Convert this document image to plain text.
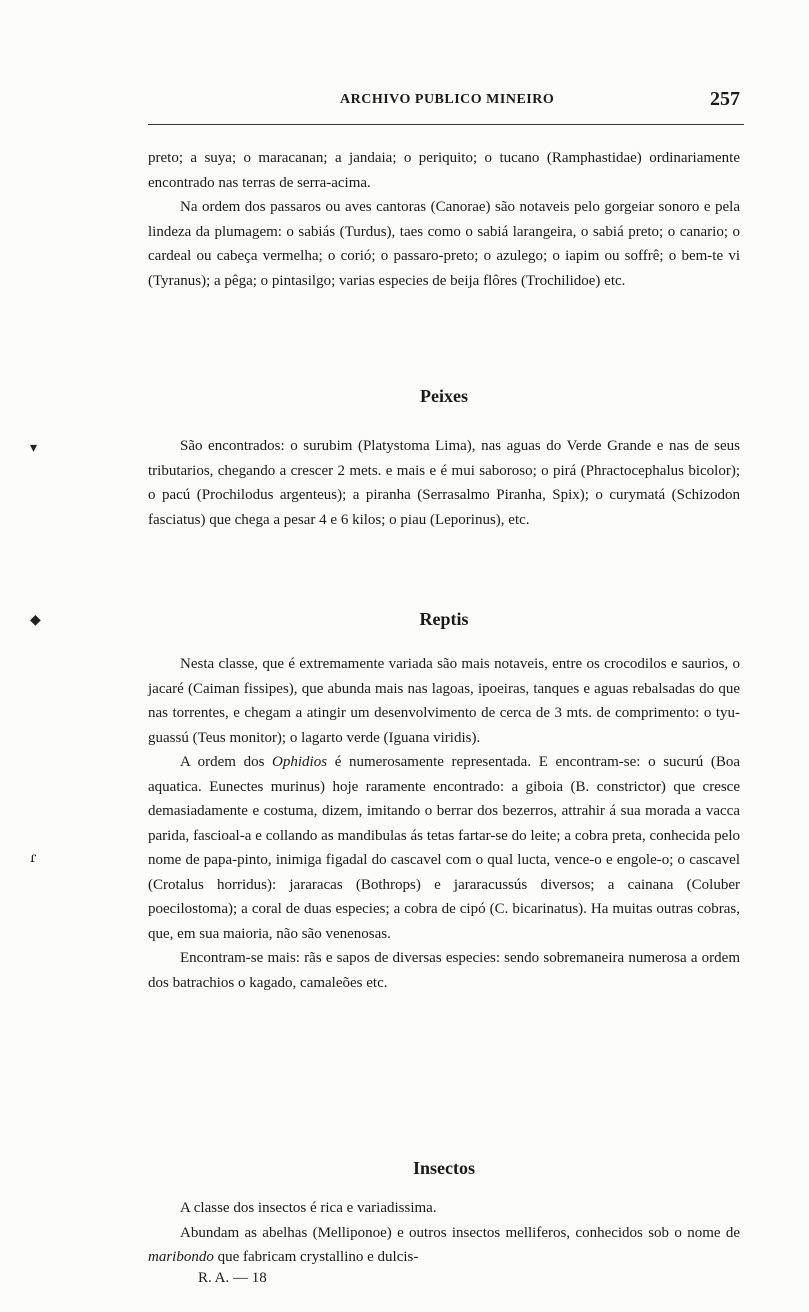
ARCHIVO PUBLICO MINEIRO	257

preto; a suya; o maracanan; a jandaia; o periquito; o tucano (Ramphastidae) ordinariamente encontrado nas terras de serra-acima.

Na ordem dos passaros ou aves cantoras (Canorae) são notaveis pelo gorgeiar sonoro e pela lindeza da plumagem: o sabiás (Turdus), taes como o sabiá larangeira, o sabiá preto; o canario; o cardeal ou cabeça vermelha; o corió; o passaro-preto; o azulego; o iapim ou soffrê; o bem-te vi (Tyranus); a pêga; o pintasilgo; varias especies de beija flôres (Trochilidoe) etc.

Peixes

São encontrados: o surubim (Platystoma Lima), nas aguas do Verde Grande e nas de seus tributarios, chegando a crescer 2 mets. e mais e é mui saboroso; o pirá (Phractocephalus bicolor); o pacú (Prochilodus argenteus); a piranha (Serrasalmo Piranha, Spix); o curymatá (Schizodon fasciatus) que chega a pesar 4 e 6 kilos; o piau (Leporinus), etc.

Reptis

Nesta classe, que é extremamente variada são mais notaveis, entre os crocodilos e saurios, o jacaré (Caiman fissipes), que abunda mais nas lagoas, ipoeiras, tanques e aguas rebalsadas do que nas torrentes, e chegam a atingir um desenvolvimento de cerca de 3 mts. de comprimento: o tyu-guassú (Teus monitor); o lagarto verde (Iguana viridis).

A ordem dos Ophidios é numerosamente representada. E encontram-se: o sucurú (Boa aquatica. Eunectes murinus) hoje raramente encontrado: a giboia (B. constrictor) que cresce demasiadamente e costuma, dizem, imitando o berrar dos bezerros, attrahir á sua morada a vacca parida, fascioal-a e collando as mandibulas ás tetas fartar-se do leite; a cobra preta, conhecida pelo nome de papa-pinto, inimiga figadal do cascavel com o qual lucta, vence-o e engole-o; o cascavel (Crotalus horridus): jararacas (Bothrops) e jararacussús diversos; a cainana (Coluber poecilostoma); a coral de duas especies; a cobra de cipó (C. bicarinatus). Ha muitas outras cobras, que, em sua maioria, não são venenosas.

Encontram-se mais: rãs e sapos de diversas especies: sendo sobremaneira numerosa a ordem dos batrachios o kagado, camaleões etc.

Insectos

A classe dos insectos é rica e variadissima.

Abundam as abelhas (Melliponoe) e outros insectos melliferos, conhecidos sob o nome de maribondo que fabricam crystallino e dulcis-

R. A. — 18
▾
◆
ɾ
